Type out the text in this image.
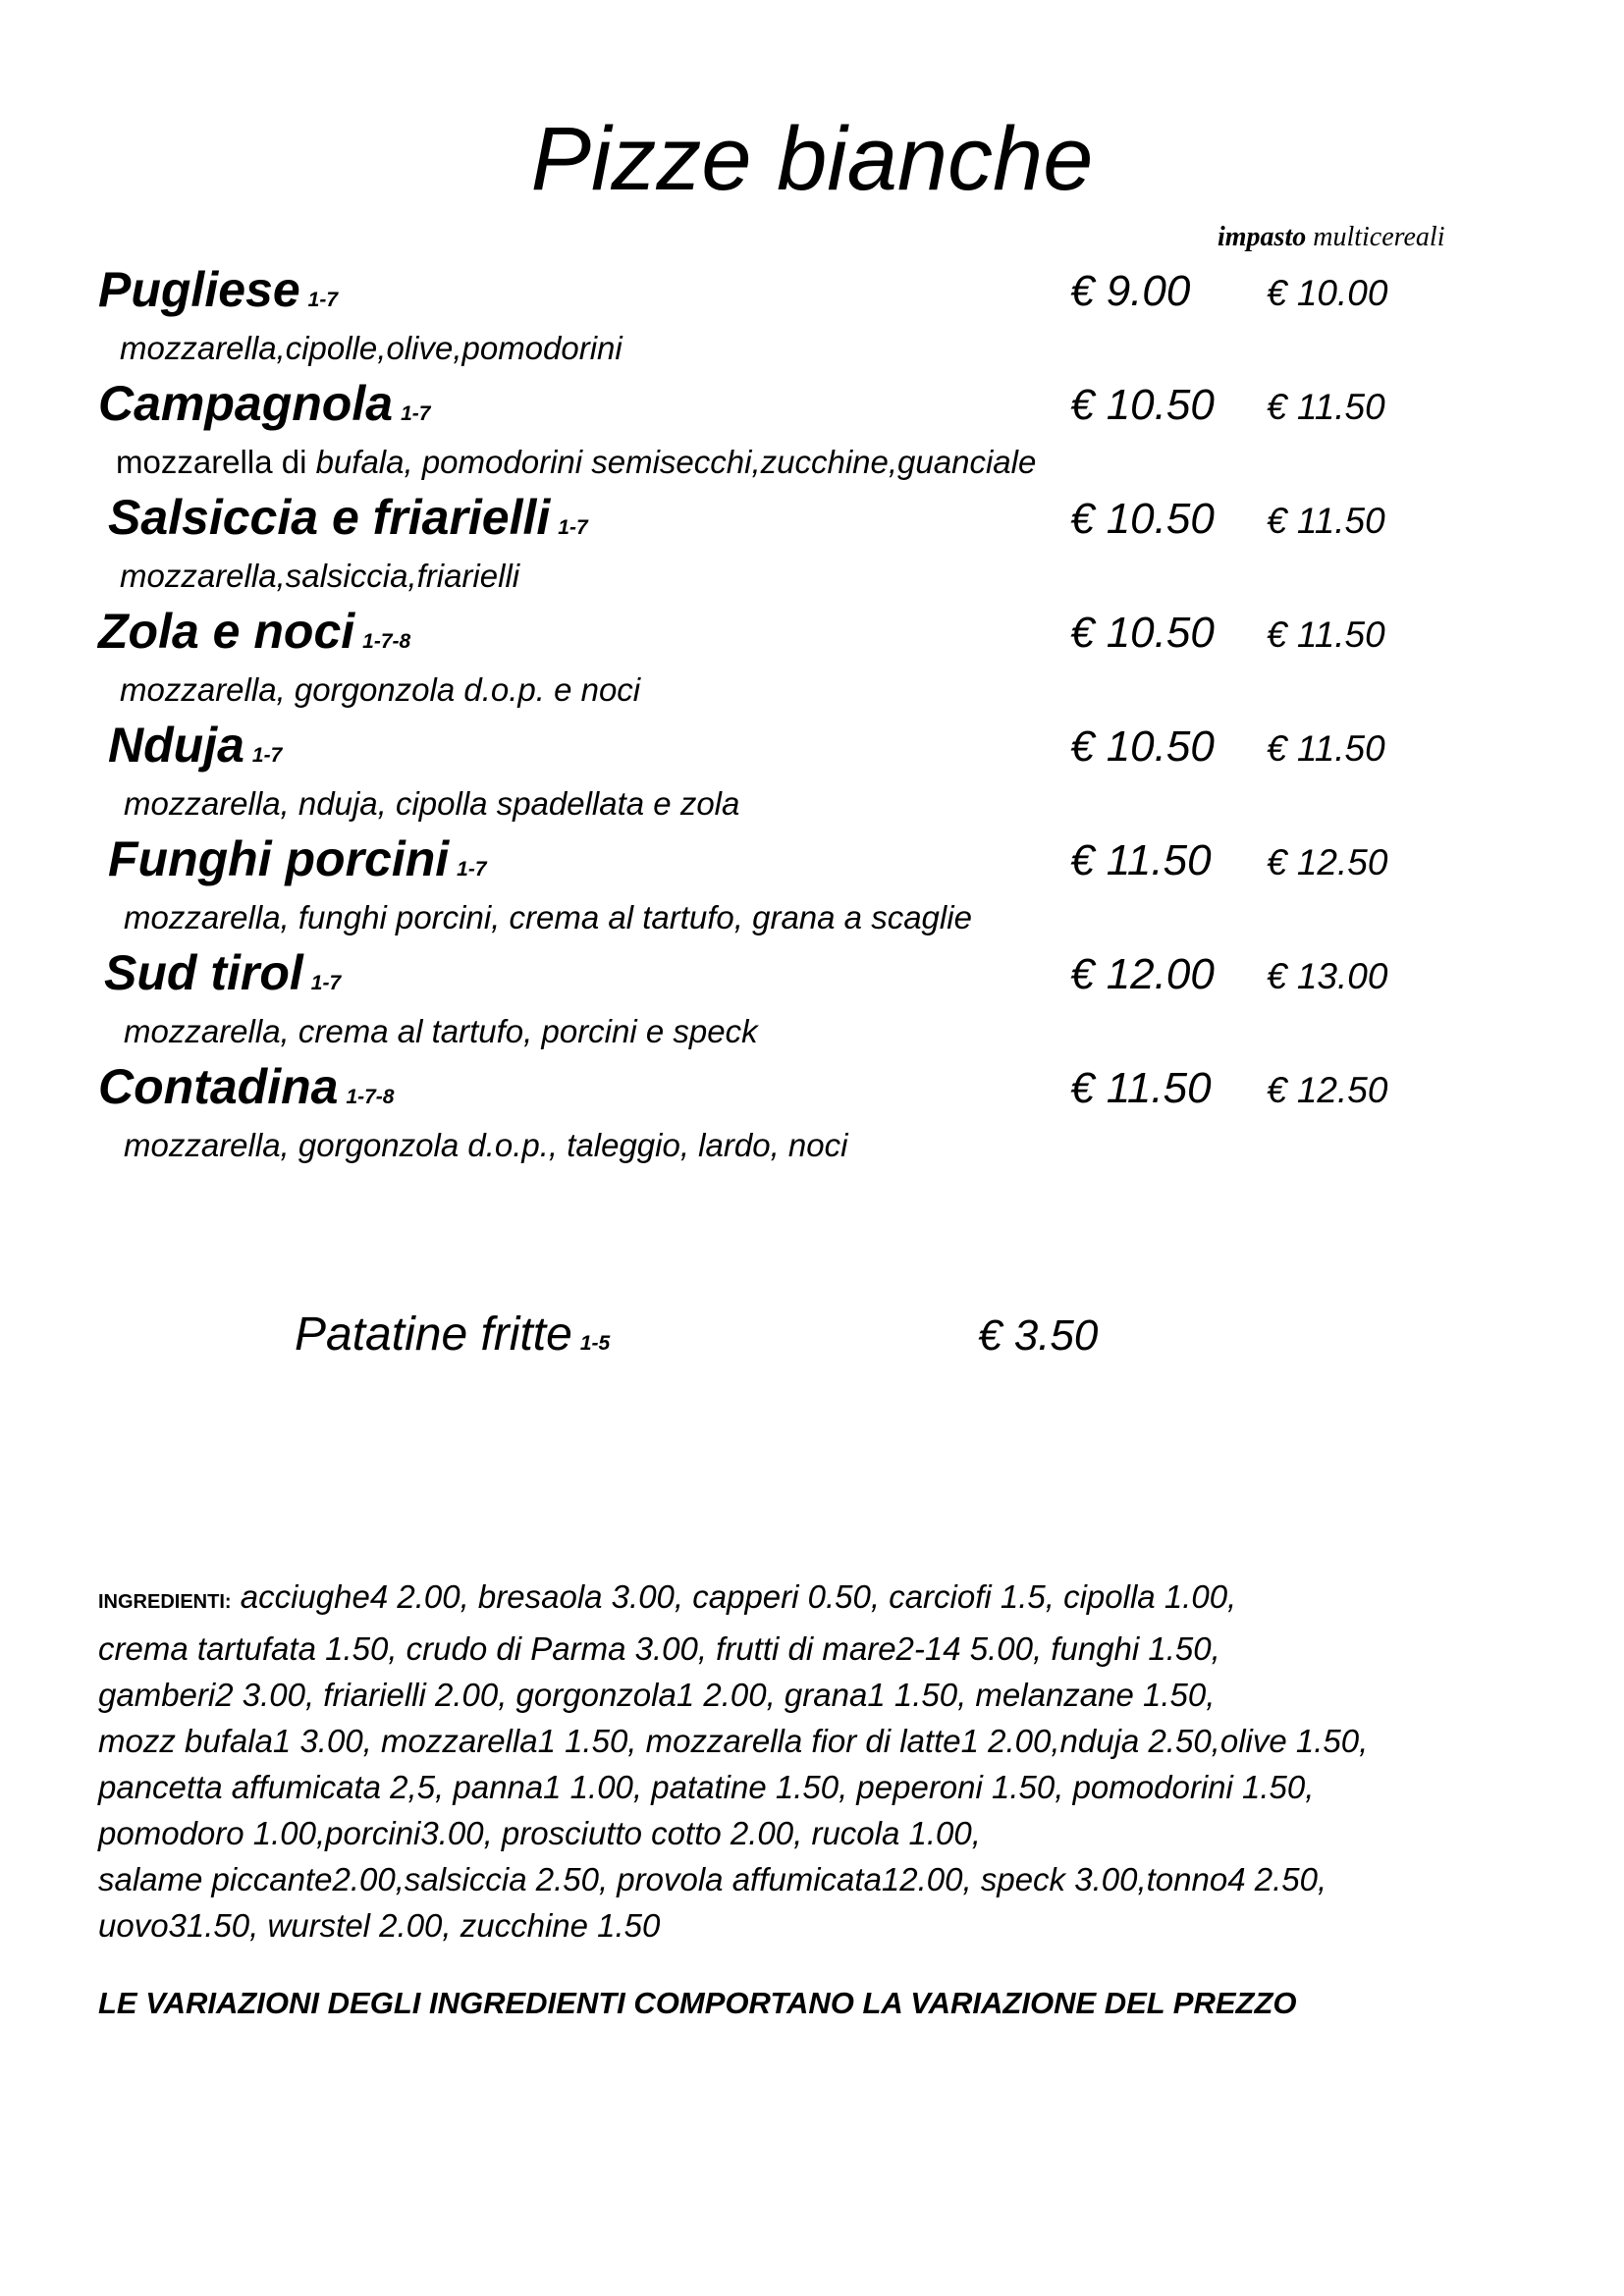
Pizze bianche
impasto multicereali
Pugliese 1-7
mozzarella,cipolle,olive,pomodorini
€ 9.00 € 10.00
Campagnola 1-7
mozzarella di bufala, pomodorini semisecchi,zucchine,guanciale
€ 10.50 € 11.50
Salsiccia e friarielli 1-7
mozzarella,salsiccia,friarielli
€ 10.50 € 11.50
Zola e noci 1-7-8
mozzarella, gorgonzola d.o.p. e noci
€ 10.50 € 11.50
Nduja 1-7
mozzarella, nduja, cipolla spadellata e zola
€ 10.50 € 11.50
Funghi porcini 1-7
mozzarella, funghi porcini, crema al tartufo, grana a scaglie
€ 11.50 € 12.50
Sud tirol 1-7
mozzarella, crema al tartufo, porcini e speck
€ 12.00 € 13.00
Contadina 1-7-8
mozzarella, gorgonzola d.o.p., taleggio, lardo, noci
€ 11.50 € 12.50
Patatine fritte 1-5	€ 3.50
INGREDIENTI: acciughe4 2.00, bresaola 3.00, capperi 0.50, carciofi 1.5, cipolla 1.00,
crema tartufata 1.50, crudo di Parma 3.00, frutti di mare2-14 5.00, funghi 1.50,
gamberi2 3.00, friarielli 2.00, gorgonzola1 2.00, grana1 1.50, melanzane 1.50,
mozz bufala1 3.00, mozzarella1 1.50, mozzarella fior di latte1 2.00,nduja 2.50,olive 1.50,
pancetta affumicata 2,5, panna1 1.00, patatine 1.50, peperoni 1.50, pomodorini 1.50,
pomodoro 1.00,porcini3.00, prosciutto cotto 2.00, rucola 1.00,
salame piccante2.00,salsiccia 2.50, provola affumicata12.00, speck 3.00,tonno4 2.50,
uovo31.50, wurstel 2.00, zucchine 1.50
LE VARIAZIONI DEGLI INGREDIENTI COMPORTANO LA VARIAZIONE DEL PREZZO
